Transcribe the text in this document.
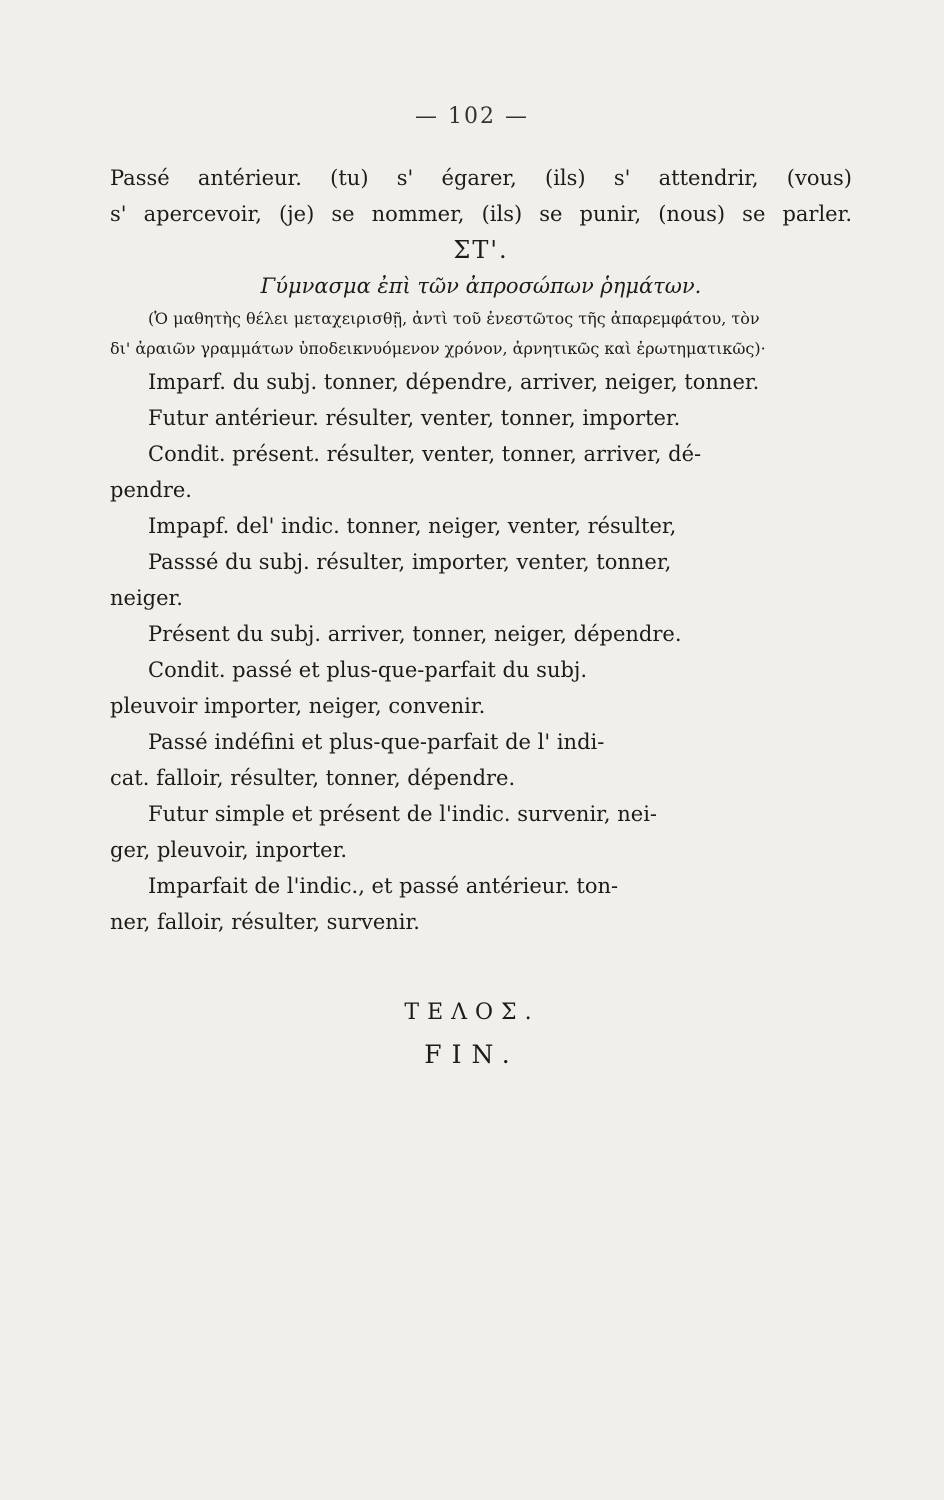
— 102 —
Passé antérieur. (tu) s' égarer, (ils) s' attendrir, (vous)
s' apercevoir, (je) se nommer, (ils) se punir, (nous) se parler.
ΣΤ'.
Γύμνασμα ἐπὶ τῶν ἀπροσώπων ῥημάτων.
(Ὁ μαθητὴς θέλει μεταχειρισθῇ, ἀντὶ τοῦ ἐνεστῶτος τῆς ἀπαρεμφάτου, τὸν
δι' ἀραιῶν γραμμάτων ὑποδεικνυόμενον χρόνον, ἀρνητικῶς καὶ ἐρωτηματικῶς)·
Imparf. du subj. tonner, dépendre, arriver, neiger, tonner.
Futur antérieur. résulter, venter, tonner, importer.
Condit. présent. résulter, venter, tonner, arriver, dé-
pendre.
Impapf. del' indic. tonner, neiger, venter, résulter,
Passsé du subj. résulter, importer, venter, tonner,
neiger.
Présent du subj. arriver, tonner, neiger, dépendre.
Condit. passé et plus-que-parfait du subj.
pleuvoir importer, neiger, convenir.
Passé indéfini et plus-que-parfait de l' indi-
cat. falloir, résulter, tonner, dépendre.
Futur simple et présent de l'indic. survenir, nei-
ger, pleuvoir, inporter.
Imparfait de l'indic., et passé antérieur. ton-
ner, falloir, résulter, survenir.
ΤΕΛΟΣ.
FIN.
